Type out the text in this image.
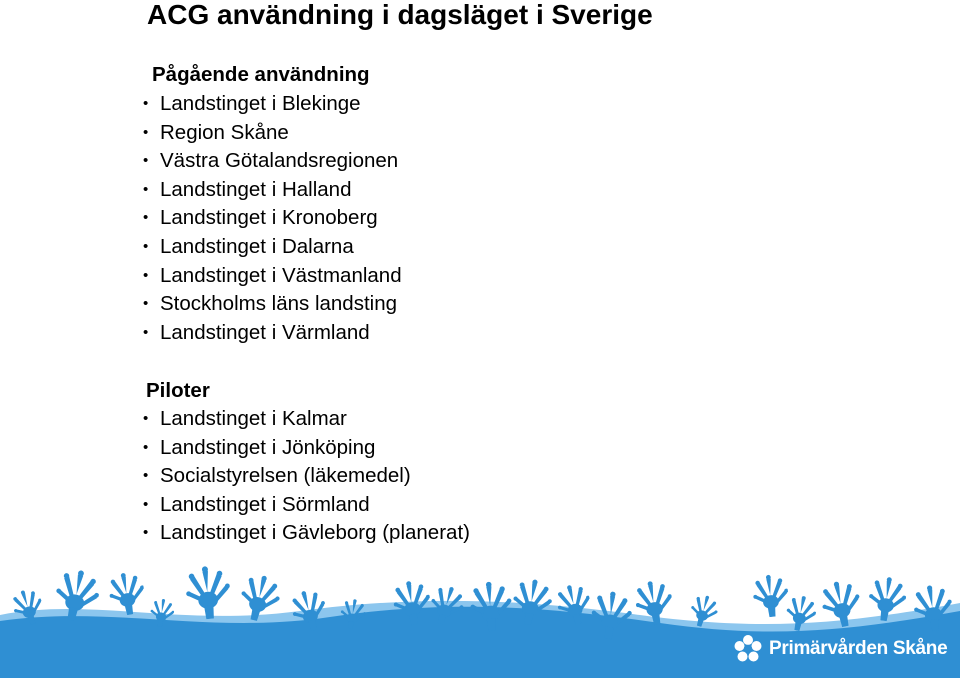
ACG användning i dagsläget i Sverige
Pågående användning
• Landstinget i Blekinge
• Region Skåne
• Västra Götalandsregionen
• Landstinget i Halland
• Landstinget i Kronoberg
• Landstinget i Dalarna
• Landstinget i Västmanland
• Stockholms läns landsting
• Landstinget i Värmland
Piloter
• Landstinget i Kalmar
• Landstinget i Jönköping
• Socialstyrelsen (läkemedel)
• Landstinget i Sörmland
• Landstinget i Gävleborg (planerat)
Primärvården Skåne
